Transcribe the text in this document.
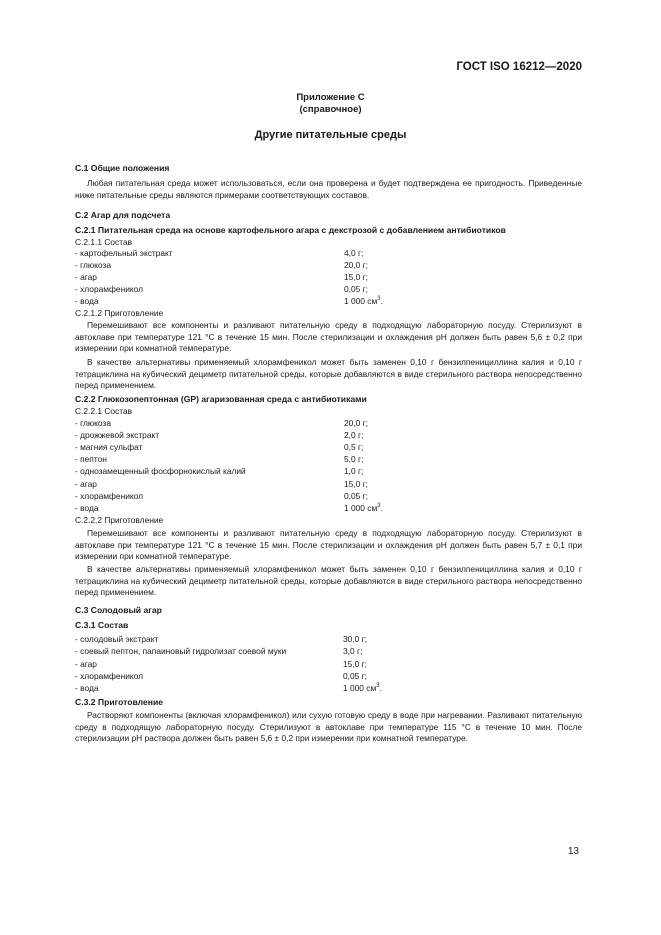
ГОСТ ISO 16212—2020
Приложение С
(справочное)
Другие питательные среды
С.1 Общие положения
Любая питательная среда может использоваться, если она проверена и будет подтверждена ее пригодность. Приведенные ниже питательные среды являются примерами соответствующих составов.
С.2 Агар для подсчета
С.2.1 Питательная среда на основе картофельного агара с декстрозой с добавлением антибиотиков
С.2.1.1 Состав
- картофельный экстракт	4,0 г;
- глюкоза	20,0 г;
- агар	15,0 г;
- хлорамфеникол	0,05 г;
- вода	1 000 $см^3$.
С.2.1.2 Приготовление
Перемешивают все компоненты и разливают питательную среду в подходящую лабораторную посуду. Стерилизуют в автоклаве при температуре 121 °С в течение 15 мин. После стерилизации и охлаждения pH должен быть равен 5,6 ± 0,2 при измерении при комнатной температуре.
В качестве альтернативы применяемый хлорамфеникол может быть заменен 0,10 г бензилпенициллина калия и 0,10 г тетрациклина на кубический дециметр питательной среды, которые добавляются в виде стерильного раствора непосредственно перед применением.
С.2.2 Глюкозопептонная (GP) агаризованная среда с антибиотиками
С.2.2.1 Состав
- глюкоза	20,0 г;
- дрожжевой экстракт	2,0 г;
- магния сульфат	0,5 г;
- пептон	5,0 г;
- однозамещенный фосфорнокислый калий	1,0 г;
- агар	15,0 г;
- хлорамфеникол	0,05 г;
- вода	1 000 $см^3$.
С.2.2.2 Приготовление
Перемешивают все компоненты и разливают питательную среду в подходящую лабораторную посуду. Стерилизуют в автоклаве при температуре 121 °С в течение 15 мин. После стерилизации и охлаждения pH должен быть равен 5,7 ± 0,1 при измерении при комнатной температуре.
В качестве альтернативы применяемый хлорамфеникол может быть заменен 0,10 г бензилпенициллина калия и 0,10 г тетрациклина на кубический дециметр питательной среды, которые добавляются в виде стерильного раствора непосредственно перед применением.
С.3 Солодовый агар
С.3.1 Состав
- солодовый экстракт	30,0 г;
- соевый пептон, папаиновый гидролизат соевой муки	3,0 г;
- агар	15,0 г;
- хлорамфеникол	0,05 г;
- вода	1 000 $см^3$.
С.3.2 Приготовление
Растворяют компоненты (включая хлорамфеникол) или сухую готовую среду в воде при нагревании. Разливают питательную среду в подходящую лабораторную посуду. Стерилизуют в автоклаве при температуре 115 °С в течение 10 мин. После стерилизации pH раствора должен быть равен 5,6 ± 0,2 при измерении при комнатной температуре.
13
